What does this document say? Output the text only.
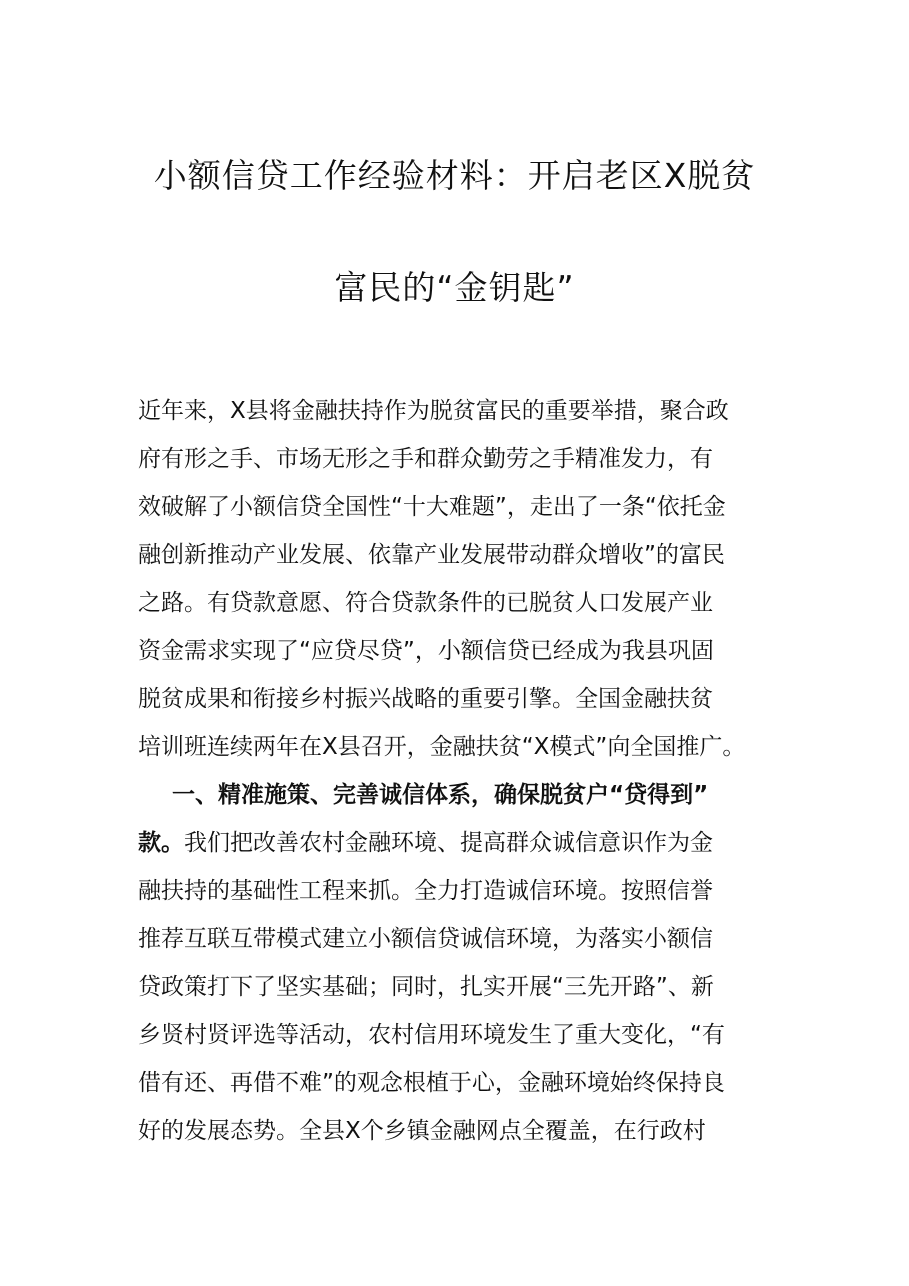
小额信贷工作经验材料：开启老区X脱贫
富民的“金钥匙”
近年来，X县将金融扶持作为脱贫富民的重要举措，聚合政
府有形之手、市场无形之手和群众勤劳之手精准发力，有
效破解了小额信贷全国性“十大难题”，走出了一条“依托金
融创新推动产业发展、依靠产业发展带动群众增收”的富民
之路。有贷款意愿、符合贷款条件的已脱贫人口发展产业
资金需求实现了“应贷尽贷”，小额信贷已经成为我县巩固
脱贫成果和衔接乡村振兴战略的重要引擎。全国金融扶贫
培训班连续两年在X县召开，金融扶贫“X模式”向全国推广。
一、精准施策、完善诚信体系，确保脱贫户“贷得到”
款。我们把改善农村金融环境、提高群众诚信意识作为金
融扶持的基础性工程来抓。全力打造诚信环境。按照信誉
推荐互联互带模式建立小额信贷诚信环境，为落实小额信
贷政策打下了坚实基础；同时，扎实开展“三先开路”、新
乡贤村贤评选等活动，农村信用环境发生了重大变化，“有
借有还、再借不难”的观念根植于心，金融环境始终保持良
好的发展态势。全县X个乡镇金融网点全覆盖，在行政村
